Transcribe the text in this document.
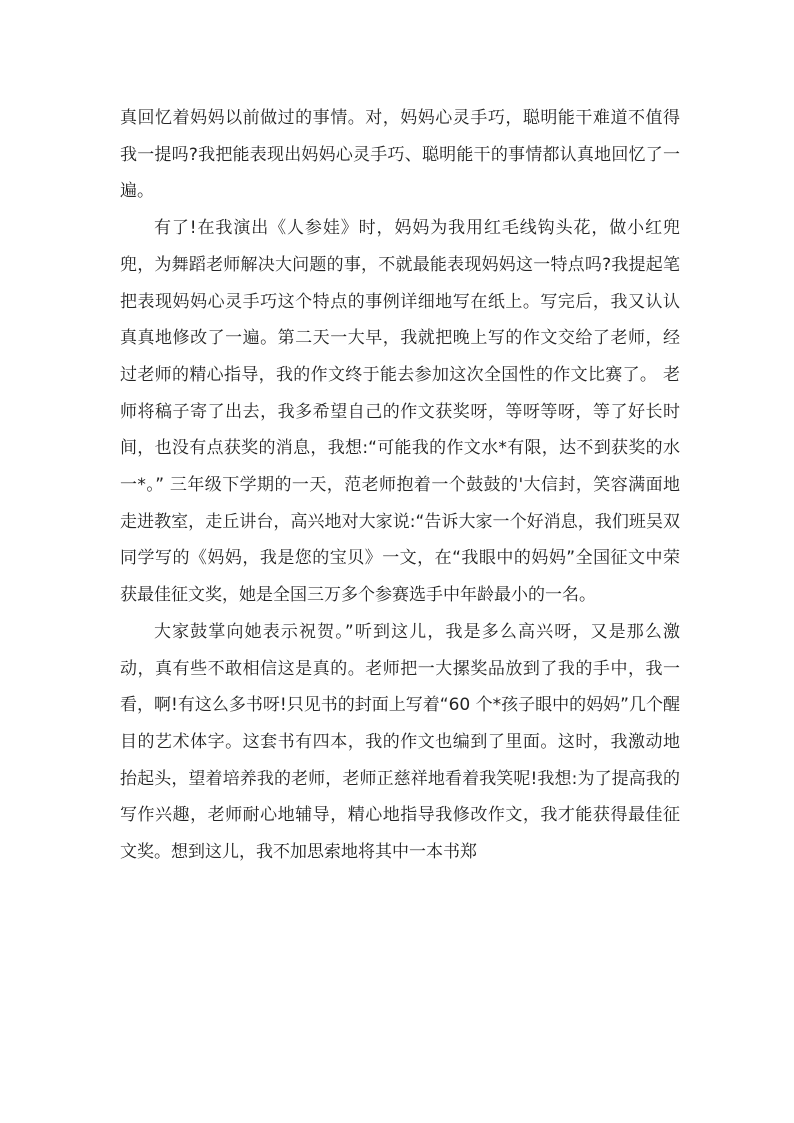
真回忆着妈妈以前做过的事情。对，妈妈心灵手巧，聪明能干难道不值得我一提吗?我把能表现出妈妈心灵手巧、聪明能干的事情都认真地回忆了一遍。

有了!在我演出《人参娃》时，妈妈为我用红毛线钩头花，做小红兜兜，为舞蹈老师解决大问题的事，不就最能表现妈妈这一特点吗?我提起笔把表现妈妈心灵手巧这个特点的事例详细地写在纸上。写完后，我又认认真真地修改了一遍。第二天一大早，我就把晚上写的作文交给了老师，经过老师的精心指导，我的作文终于能去参加这次全国性的作文比赛了。 老师将稿子寄了出去，我多希望自己的作文获奖呀，等呀等呀，等了好长时间，也没有点获奖的消息，我想:“可能我的作文水*有限，达不到获奖的水一*。” 三年级下学期的一天，范老师抱着一个鼓鼓的'大信封，笑容满面地走进教室，走丘讲台，高兴地对大家说:“告诉大家一个好消息，我们班吴双同学写的《妈妈，我是您的宝贝》一文，在“我眼中的妈妈”全国征文中荣获最佳征文奖，她是全国三万多个参赛选手中年龄最小的一名。

大家鼓掌向她表示祝贺。”听到这儿，我是多么高兴呀，又是那么激动，真有些不敢相信这是真的。老师把一大摞奖品放到了我的手中，我一看，啊!有这么多书呀!只见书的封面上写着“60 个*孩子眼中的妈妈”几个醒目的艺术体字。这套书有四本，我的作文也编到了里面。这时，我激动地抬起头，望着培养我的老师，老师正慈祥地看着我笑呢!我想:为了提高我的写作兴趣，老师耐心地辅导，精心地指导我修改作文，我才能获得最佳征文奖。想到这儿，我不加思索地将其中一本书郑
